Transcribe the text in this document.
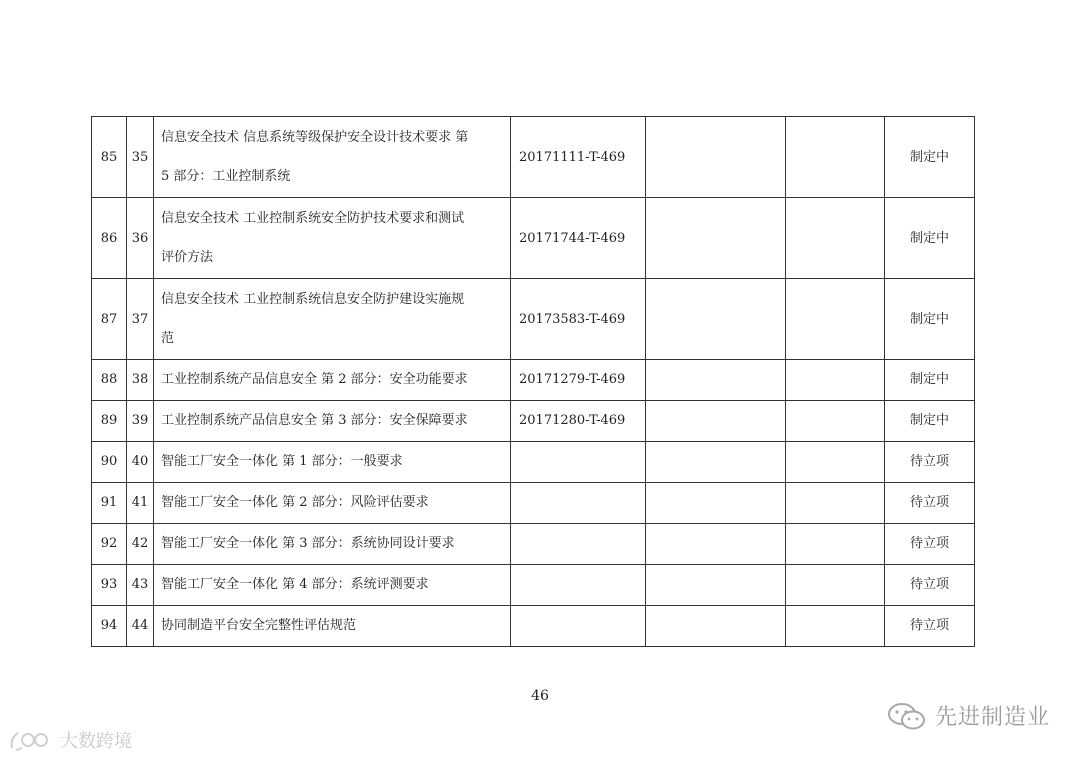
85	35	信息安全技术 信息系统等级保护安全设计技术要求 第
5 部分：工业控制系统	20171111-T-469			制定中
86	36	信息安全技术 工业控制系统安全防护技术要求和测试
评价方法	20171744-T-469			制定中
87	37	信息安全技术 工业控制系统信息安全防护建设实施规
范	20173583-T-469			制定中
88	38	工业控制系统产品信息安全 第 2 部分：安全功能要求	20171279-T-469			制定中
89	39	工业控制系统产品信息安全 第 3 部分：安全保障要求	20171280-T-469			制定中
90	40	智能工厂安全一体化 第 1 部分：一般要求				待立项
91	41	智能工厂安全一体化 第 2 部分：风险评估要求				待立项
92	42	智能工厂安全一体化 第 3 部分：系统协同设计要求				待立项
93	43	智能工厂安全一体化 第 4 部分：系统评测要求				待立项
94	44	协同制造平台安全完整性评估规范				待立项
46
先进制造业
大数跨境
